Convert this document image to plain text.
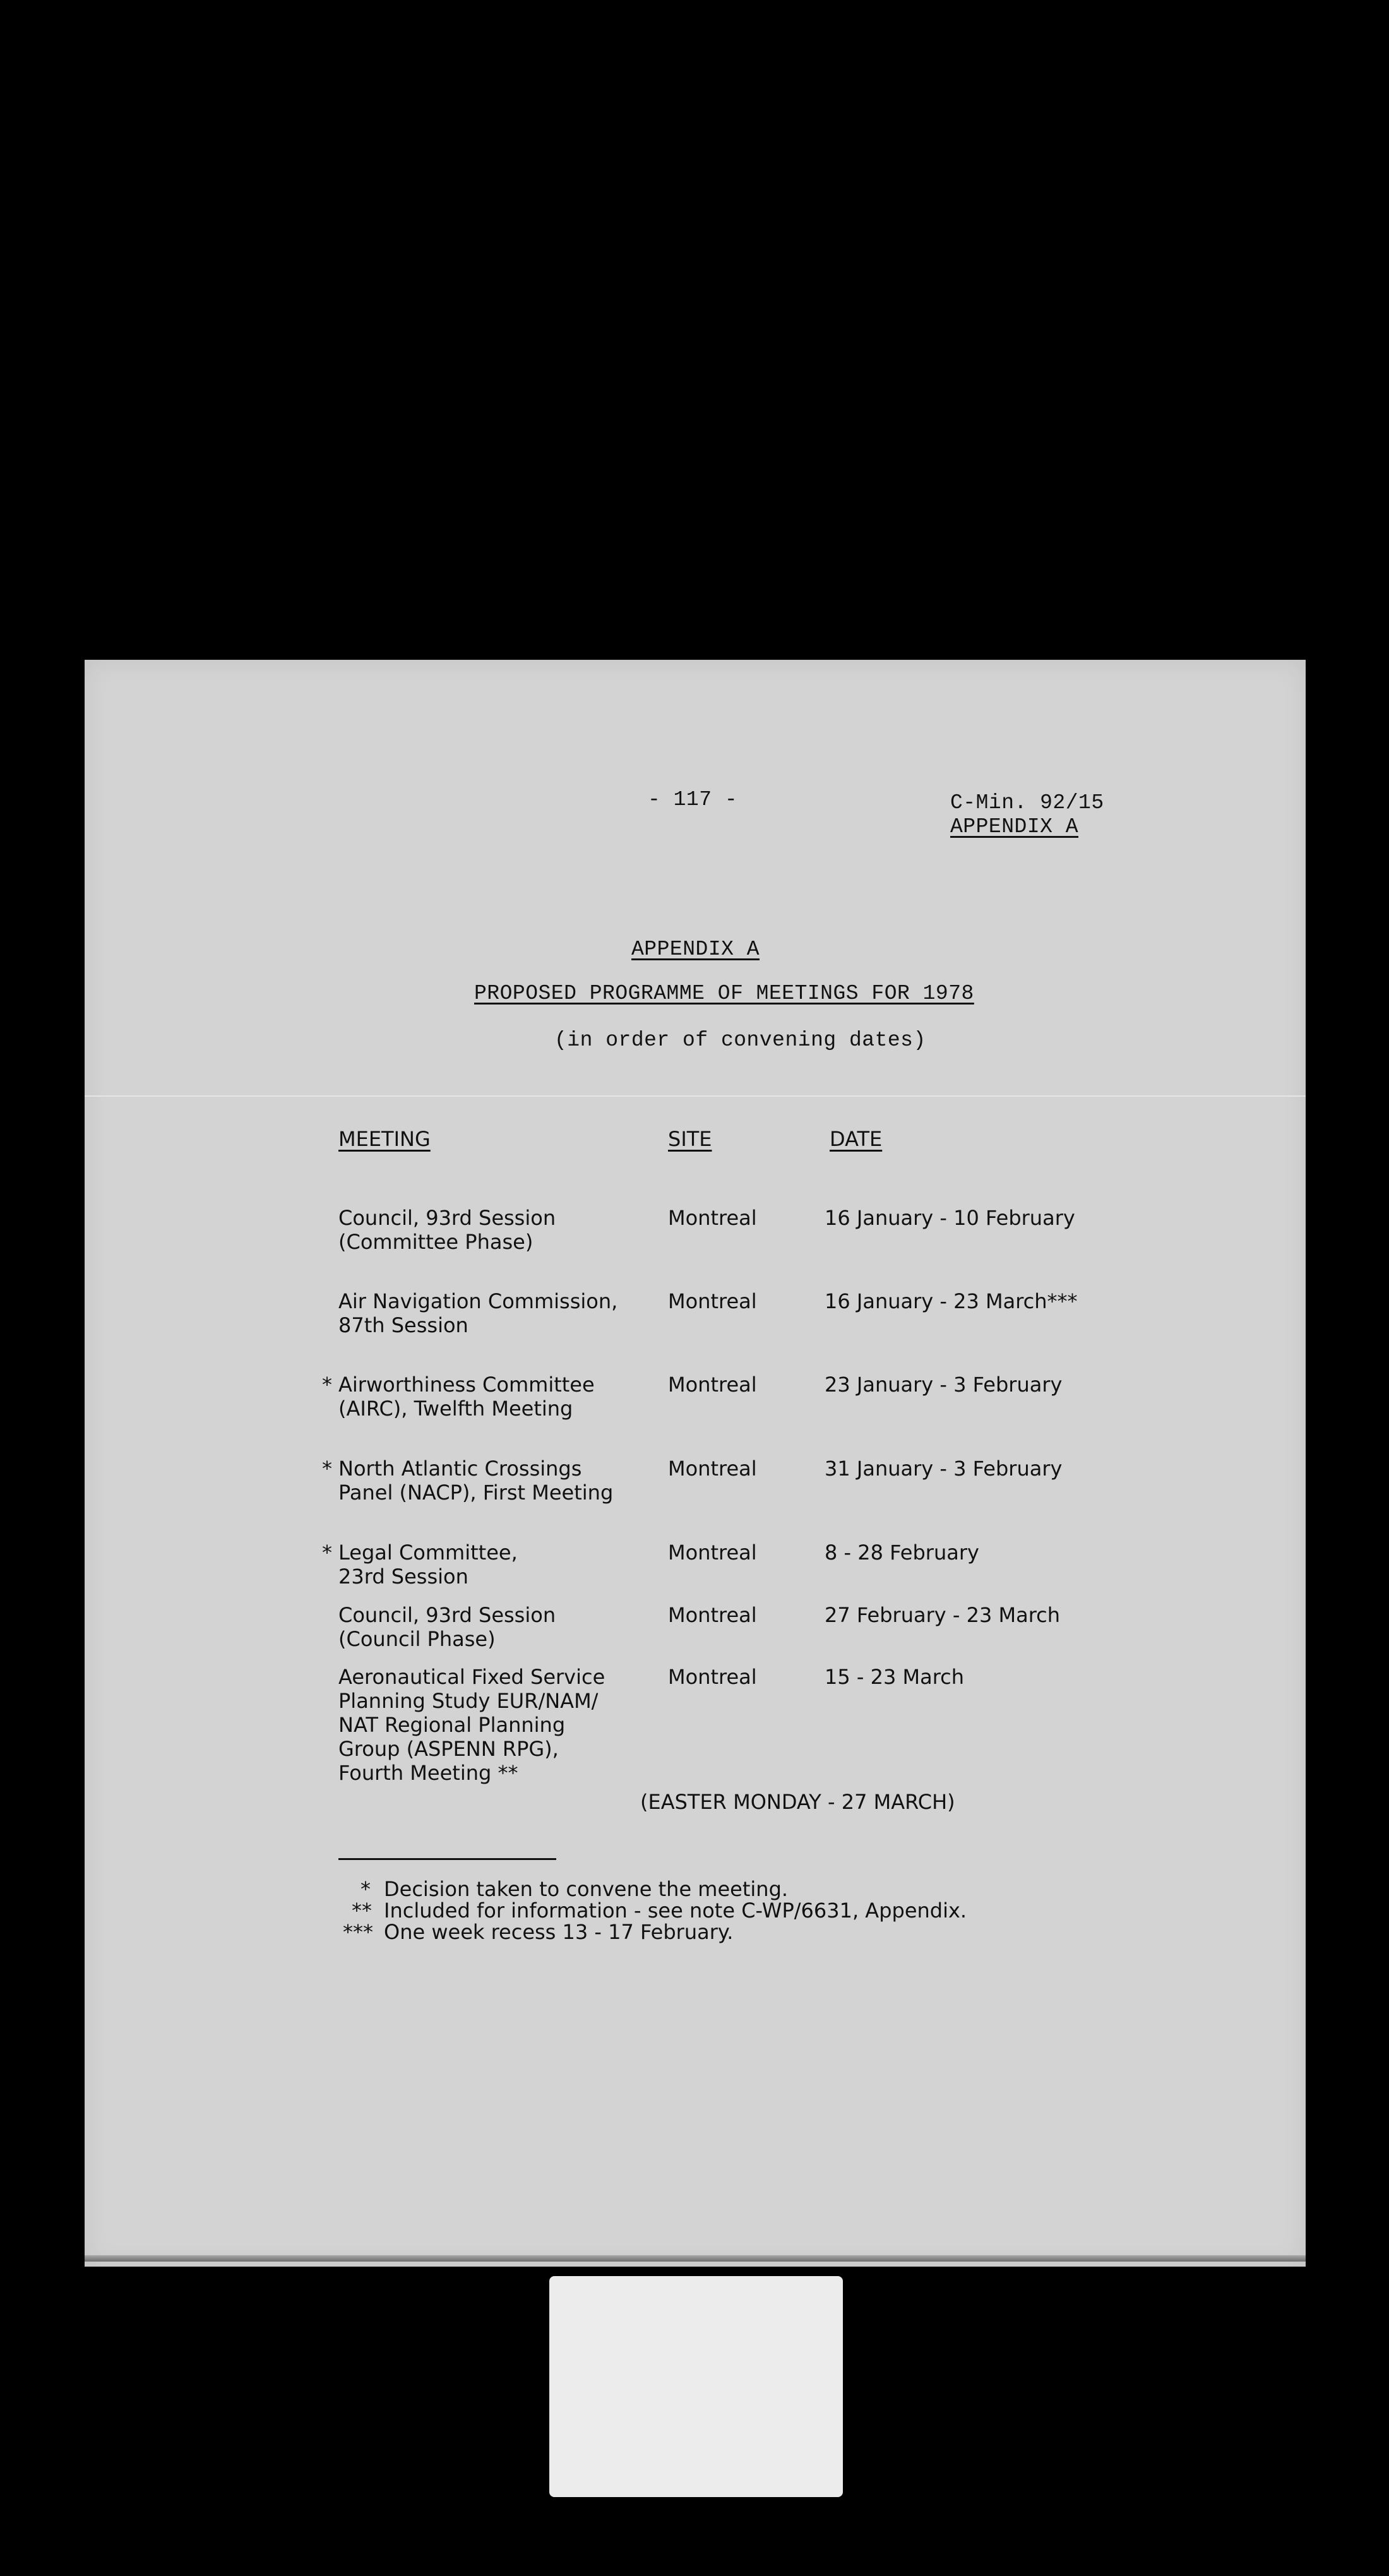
- 117 -	C-Min. 92/15
APPENDIX A
APPENDIX A
PROPOSED PROGRAMME OF MEETINGS FOR 1978
(in order of convening dates)
MEETING	SITE	DATE
Council, 93rd Session
(Committee Phase)
Montreal	16 January - 10 February
Air Navigation Commission,
87th Session
Montreal	16 January - 23 March***
* Airworthiness Committee
(AIRC), Twelfth Meeting
Montreal	23 January - 3 February
* North Atlantic Crossings
Panel (NACP), First Meeting
Montreal	31 January - 3 February
* Legal Committee,
23rd Session
Montreal	8 - 28 February
Council, 93rd Session
(Council Phase)
Montreal	27 February - 23 March
Aeronautical Fixed Service
Planning Study EUR/NAM/
NAT Regional Planning
Group (ASPENN RPG),
Fourth Meeting **
Montreal	15 - 23 March
(EASTER MONDAY - 27 MARCH)
* Decision taken to convene the meeting.
** Included for information - see note C-WP/6631, Appendix.
*** One week recess 13 - 17 February.
